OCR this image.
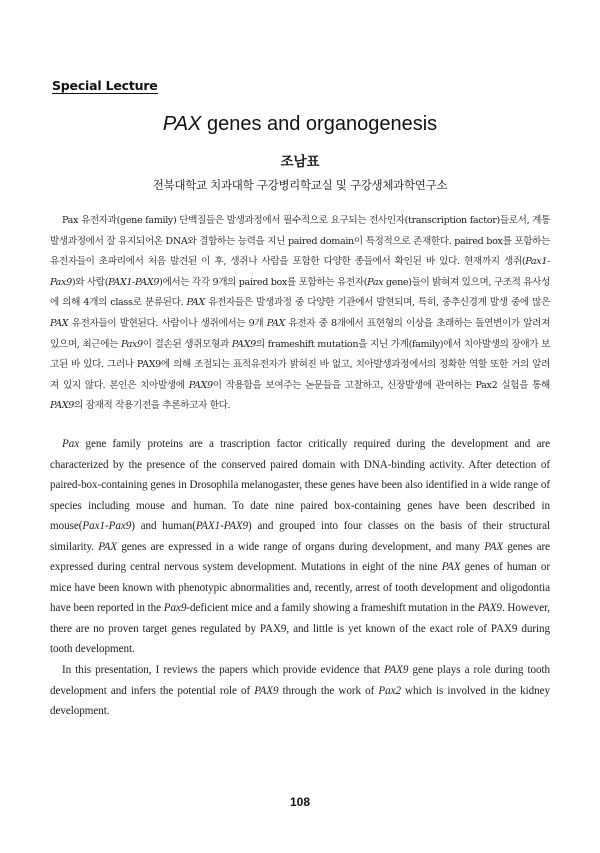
Special Lecture
PAX genes and organogenesis
조남표
전북대학교 치과대학 구강병리학교실 및 구강생체과학연구소

Pax 유전자과(gene family) 단백질들은 발생과정에서 필수적으로 요구되는 전사인자(transcription factor)들로서, 계통발생과정에서 잘 유지되어온 DNA와 결합하는 능력을 지닌 paired domain이 특정적으로 존재한다. paired box를 포함하는 유전자들이 초파리에서 처음 발견된 이 후, 생쥐나 사람을 포함한 다양한 종들에서 확인된 바 있다. 현재까지 생쥐(Pax1-Pax9)와 사람(PAX1-PAX9)에서는 각각 9개의 paired box를 포함하는 유전자(Pax gene)들이 밝혀져 있으며, 구조적 유사성에 의해 4개의 class로 분류된다. PAX 유전자들은 발생과정 중 다양한 기관에서 발현되며, 특히, 중추신경계 발생 중에 많은 PAX 유전자들이 발현된다. 사람이나 생쥐에서는 9개 PAX 유전자 중 8개에서 표현형의 이상을 초래하는 돌연변이가 알려져 있으며, 최근에는 Pax9이 결손된 생쥐모형과 PAX9의 frameshift mutation을 지닌 가계(family)에서 치아발생의 장애가 보고된 바 있다. 그러나 PAX9에 의해 조절되는 표적유전자가 밝혀진 바 없고, 치아발생과정에서의 정확한 역할 또한 거의 알려져 있지 않다. 본인은 치아발생에 PAX9이 작용함을 보여주는 논문들을 고찰하고, 신장발생에 관여하는 Pax2 실험을 통해 PAX9의 잠재적 작용기전을 추론하고자 한다.

Pax gene family proteins are a trascription factor critically required during the development and are characterized by the presence of the conserved paired domain with DNA-binding activity. After detection of paired-box-containing genes in Drosophila melanogaster, these genes have been also identified in a wide range of species including mouse and human. To date nine paired box-containing genes have been described in mouse(Pax1-Pax9) and human(PAX1-PAX9) and grouped into four classes on the basis of their structural similarity. PAX genes are expressed in a wide range of organs during development, and many PAX genes are expressed during central nervous system development. Mutations in eight of the nine PAX genes of human or mice have been known with phenotypic abnormalities and, recently, arrest of tooth development and oligodontia have been reported in the Pax9-deficient mice and a family showing a frameshift mutation in the PAX9. However, there are no proven target genes regulated by PAX9, and little is yet known of the exact role of PAX9 during tooth development.

In this presentation, I reviews the papers which provide evidence that PAX9 gene plays a role during tooth development and infers the potential role of PAX9 through the work of Pax2 which is involved in the kidney development.

108
